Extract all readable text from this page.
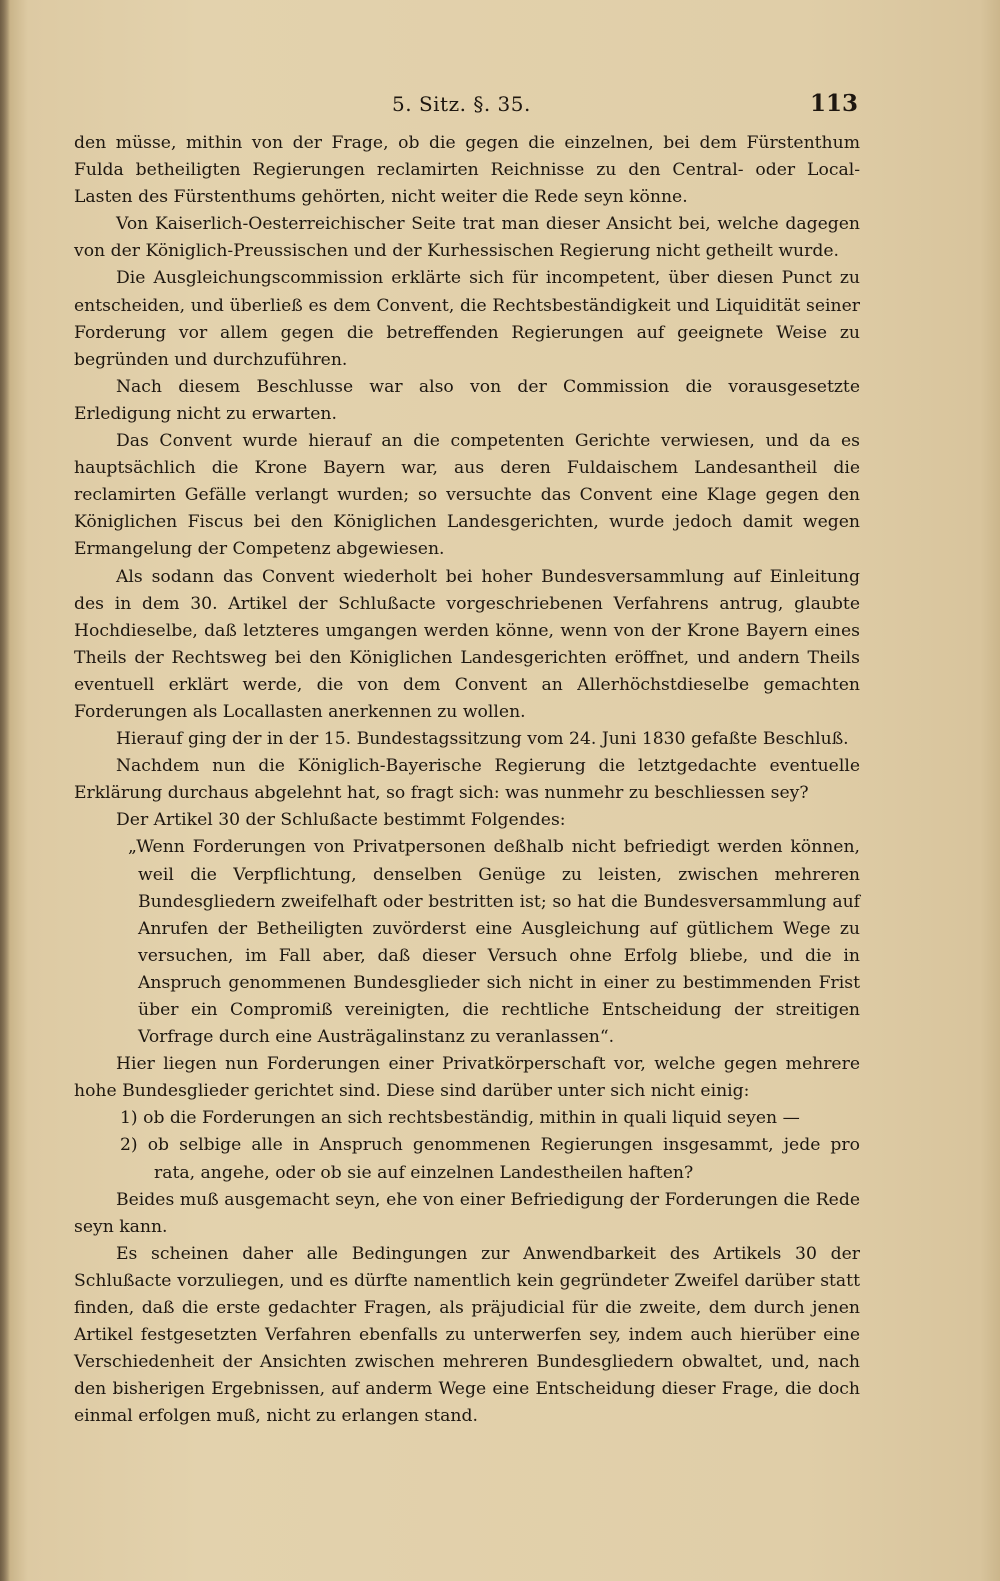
5. Sitz. §. 35.	113

den müsse, mithin von der Frage, ob die gegen die einzelnen, bei dem Fürstenthum Fulda betheiligten Regierungen reclamirten Reichnisse zu den Central- oder Local-Lasten des Fürstenthums gehörten, nicht weiter die Rede seyn könne.

Von Kaiserlich-Oesterreichischer Seite trat man dieser Ansicht bei, welche dagegen von der Königlich-Preussischen und der Kurhessischen Regierung nicht getheilt wurde.

Die Ausgleichungscommission erklärte sich für incompetent, über diesen Punct zu entscheiden, und überließ es dem Convent, die Rechtsbeständigkeit und Liquidität seiner Forderung vor allem gegen die betreffenden Regierungen auf geeignete Weise zu begründen und durchzuführen.

Nach diesem Beschlusse war also von der Commission die vorausgesetzte Erledigung nicht zu erwarten.

Das Convent wurde hierauf an die competenten Gerichte verwiesen, und da es hauptsächlich die Krone Bayern war, aus deren Fuldaischem Landesantheil die reclamirten Gefälle verlangt wurden; so versuchte das Convent eine Klage gegen den Königlichen Fiscus bei den Königlichen Landesgerichten, wurde jedoch damit wegen Ermangelung der Competenz abgewiesen.

Als sodann das Convent wiederholt bei hoher Bundesversammlung auf Einleitung des in dem 30. Artikel der Schlußacte vorgeschriebenen Verfahrens antrug, glaubte Hochdieselbe, daß letzteres umgangen werden könne, wenn von der Krone Bayern eines Theils der Rechtsweg bei den Königlichen Landesgerichten eröffnet, und andern Theils eventuell erklärt werde, die von dem Convent an Allerhöchstdieselbe gemachten Forderungen als Locallasten anerkennen zu wollen.

Hierauf ging der in der 15. Bundestagssitzung vom 24. Juni 1830 gefaßte Beschluß.

Nachdem nun die Königlich-Bayerische Regierung die letztgedachte eventuelle Erklärung durchaus abgelehnt hat, so fragt sich: was nunmehr zu beschliessen sey?

Der Artikel 30 der Schlußacte bestimmt Folgendes:

„Wenn Forderungen von Privatpersonen deßhalb nicht befriedigt werden können, weil die Verpflichtung, denselben Genüge zu leisten, zwischen mehreren Bundesgliedern zweifelhaft oder bestritten ist; so hat die Bundesversammlung auf Anrufen der Betheiligten zuvörderst eine Ausgleichung auf gütlichem Wege zu versuchen, im Fall aber, daß dieser Versuch ohne Erfolg bliebe, und die in Anspruch genommenen Bundesglieder sich nicht in einer zu bestimmenden Frist über ein Compromiß vereinigten, die rechtliche Entscheidung der streitigen Vorfrage durch eine Austrägalinstanz zu veranlassen“.

Hier liegen nun Forderungen einer Privatkörperschaft vor, welche gegen mehrere hohe Bundesglieder gerichtet sind. Diese sind darüber unter sich nicht einig:

1) ob die Forderungen an sich rechtsbeständig, mithin in quali liquid seyen —

2) ob selbige alle in Anspruch genommenen Regierungen insgesammt, jede pro rata, angehe, oder ob sie auf einzelnen Landestheilen haften?

Beides muß ausgemacht seyn, ehe von einer Befriedigung der Forderungen die Rede seyn kann.

Es scheinen daher alle Bedingungen zur Anwendbarkeit des Artikels 30 der Schlußacte vorzuliegen, und es dürfte namentlich kein gegründeter Zweifel darüber statt finden, daß die erste gedachter Fragen, als präjudicial für die zweite, dem durch jenen Artikel festgesetzten Verfahren ebenfalls zu unterwerfen sey, indem auch hierüber eine Verschiedenheit der Ansichten zwischen mehreren Bundesgliedern obwaltet, und, nach den bisherigen Ergebnissen, auf anderm Wege eine Entscheidung dieser Frage, die doch einmal erfolgen muß, nicht zu erlangen stand.
